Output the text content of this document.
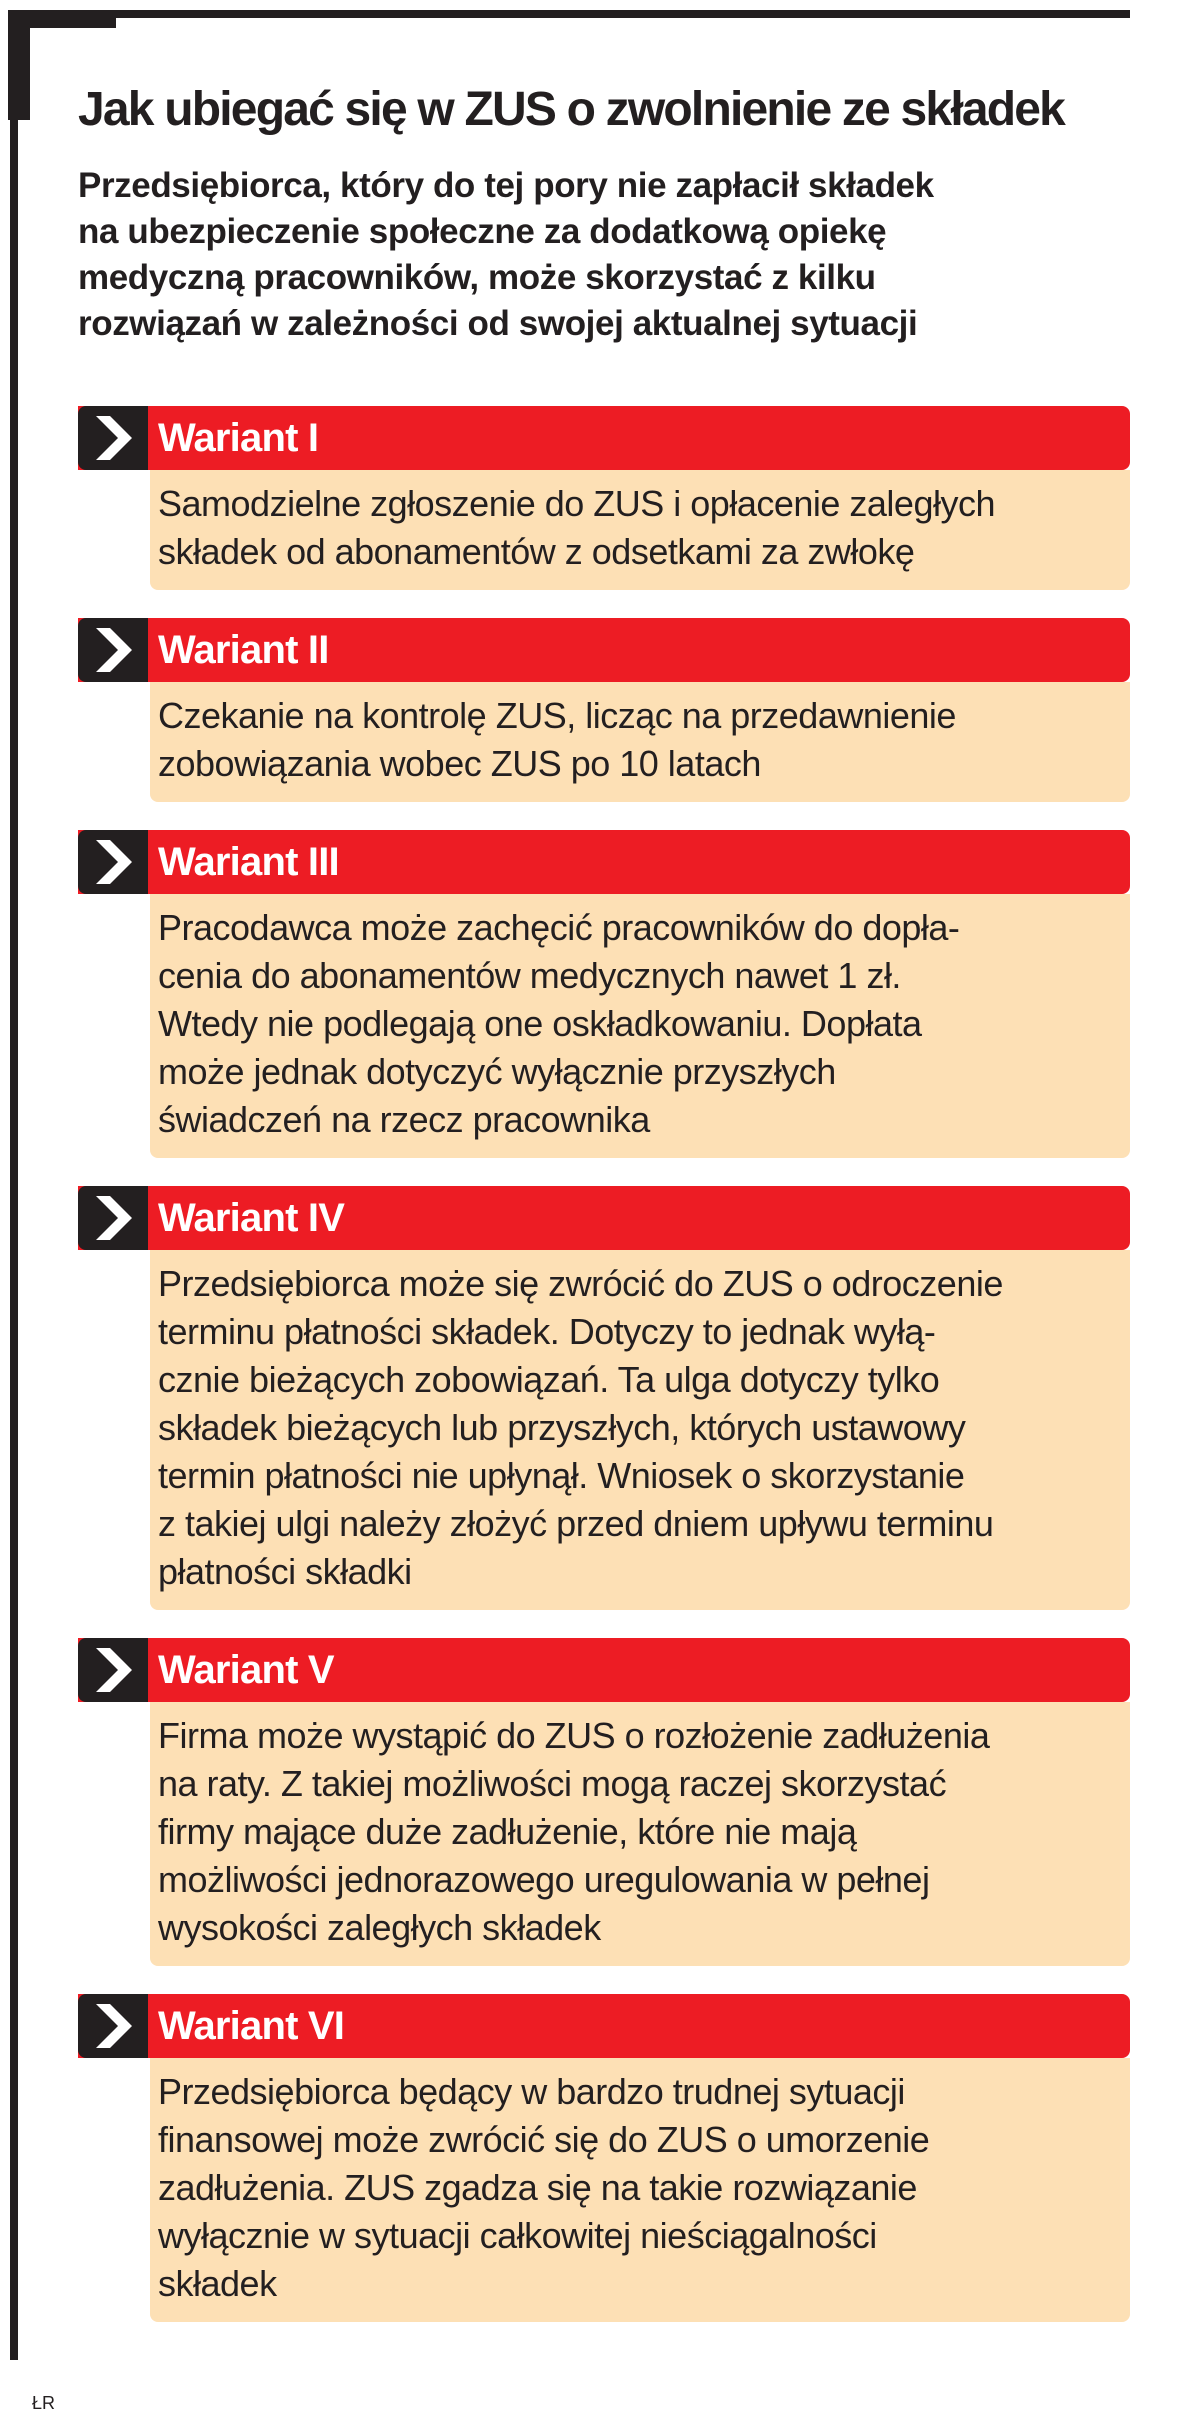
Jak ubiegać się w ZUS o zwolnienie ze składek

Przedsiębiorca, który do tej pory nie zapłacił składek
na ubezpieczenie społeczne za dodatkową opiekę
medyczną pracowników, może skorzystać z kilku
rozwiązań w zależności od swojej aktualnej sytuacji

Wariant I
Samodzielne zgłoszenie do ZUS i opłacenie zaległych
składek od abonamentów z odsetkami za zwłokę
Wariant II
Czekanie na kontrolę ZUS, licząc na przedawnienie
zobowiązania wobec ZUS po 10 latach
Wariant III
Pracodawca może zachęcić pracowników do dopła-
cenia do abonamentów medycznych nawet 1 zł.
Wtedy nie podlegają one oskładkowaniu. Dopłata
może jednak dotyczyć wyłącznie przyszłych
świadczeń na rzecz pracownika
Wariant IV
Przedsiębiorca może się zwrócić do ZUS o odroczenie
terminu płatności składek. Dotyczy to jednak wyłą-
cznie bieżących zobowiązań. Ta ulga dotyczy tylko
składek bieżących lub przyszłych, których ustawowy
termin płatności nie upłynął. Wniosek o skorzystanie
z takiej ulgi należy złożyć przed dniem upływu terminu
płatności składki
Wariant V
Firma może wystąpić do ZUS o rozłożenie zadłużenia
na raty. Z takiej możliwości mogą raczej skorzystać
firmy mające duże zadłużenie, które nie mają
możliwości jednorazowego uregulowania w pełnej
wysokości zaległych składek
Wariant VI
Przedsiębiorca będący w bardzo trudnej sytuacji
finansowej może zwrócić się do ZUS o umorzenie
zadłużenia. ZUS zgadza się na takie rozwiązanie
wyłącznie w sytuacji całkowitej nieściągalności
składek
ŁR
